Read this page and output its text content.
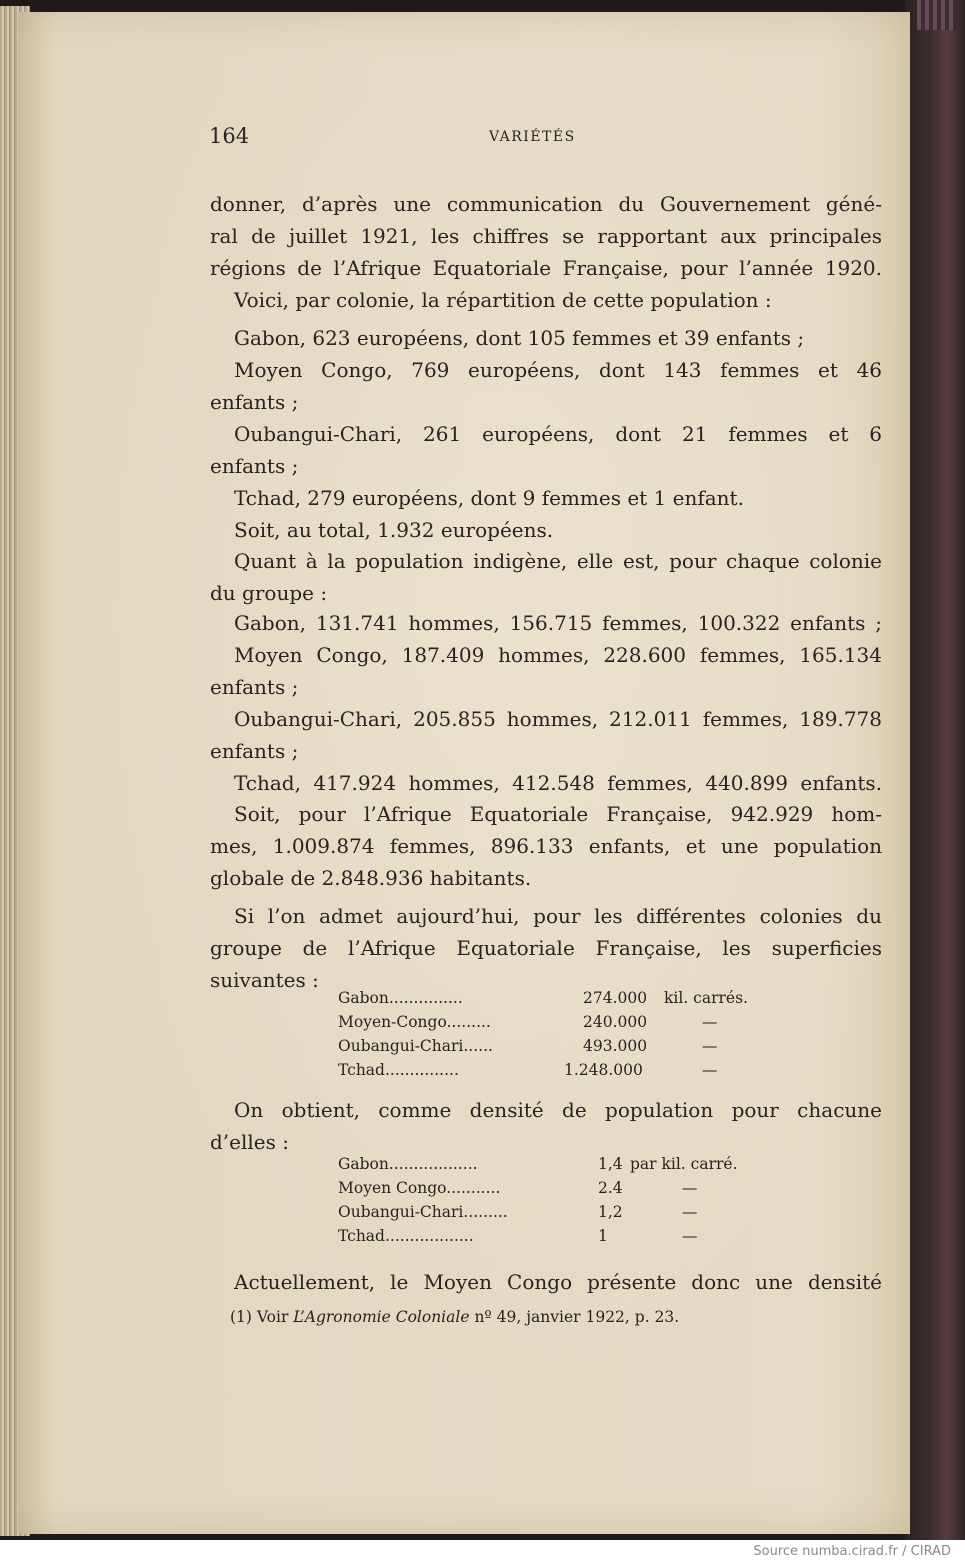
164	VARIÉTÉS
donner, d’après une communication du Gouvernement géné-
ral de juillet 1921, les chiffres se rapportant aux principales
régions de l’Afrique Equatoriale Française, pour l’année 1920.
Voici, par colonie, la répartition de cette population :
Gabon, 623 européens, dont 105 femmes et 39 enfants ;
Moyen Congo, 769 européens, dont 143 femmes et 46
enfants ;
Oubangui-Chari, 261 européens, dont 21 femmes et 6
enfants ;
Tchad, 279 européens, dont 9 femmes et 1 enfant.
Soit, au total, 1.932 européens.
Quant à la population indigène, elle est, pour chaque colonie
du groupe :
Gabon, 131.741 hommes, 156.715 femmes, 100.322 enfants ;
Moyen Congo, 187.409 hommes, 228.600 femmes, 165.134
enfants ;
Oubangui-Chari, 205.855 hommes, 212.011 femmes, 189.778
enfants ;
Tchad, 417.924 hommes, 412.548 femmes, 440.899 enfants.
Soit, pour l’Afrique Equatoriale Française, 942.929 hom-
mes, 1.009.874 femmes, 896.133 enfants, et une population
globale de 2.848.936 habitants.
Si l’on admet aujourd’hui, pour les différentes colonies du
groupe de l’Afrique Equatoriale Française, les superficies
suivantes :
Gabon...............	274.000 kil. carrés.
Moyen-Congo.........	240.000	—
Oubangui-Chari......	493.000	—
Tchad...............	1.248.000	—
On obtient, comme densité de population pour chacune
d’elles :
Gabon..................	1,4 par kil. carré.
Moyen Congo...........	2.4	—
Oubangui-Chari.........	1,2	—
Tchad..................	1	—
Actuellement, le Moyen Congo présente donc une densité
(1) Voir L’Agronomie Coloniale nº 49, janvier 1922, p. 23.
Source numba.cirad.fr / CIRAD
